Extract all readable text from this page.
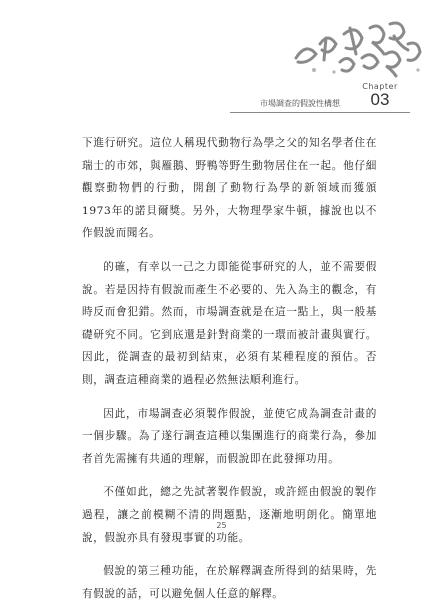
市場調查的假說性構想
Chapter
03

下進行研究。這位人稱現代動物行為學之父的知名學者住在瑞士的市郊，與雁鵝、野鴨等野生動物居住在一起。他仔細觀察動物們的行動，開創了動物行為學的新領域而獲頒1973年的諾貝爾獎。另外，大物理學家牛頓，據說也以不作假說而聞名。

的確，有幸以一己之力即能從事研究的人，並不需要假說。若是因持有假說而產生不必要的、先入為主的觀念，有時反而會犯錯。然而，市場調查就是在這一點上，與一般基礎研究不同。它到底還是針對商業的一環而被計畫與實行。因此，從調查的最初到結束，必須有某種程度的預估。否則，調查這種商業的過程必然無法順利進行。

因此，市場調查必須製作假說，並使它成為調查計畫的一個步驟。為了遂行調查這種以集團進行的商業行為，參加者首先需擁有共通的理解，而假說即在此發揮功用。

不僅如此，總之先試著製作假說，或許經由假說的製作過程，讓之前模糊不清的問題點，逐漸地明朗化。簡單地說，假說亦具有發現事實的功能。

假說的第三種功能，在於解釋調查所得到的結果時，先有假說的話，可以避免個人任意的解釋。

25
